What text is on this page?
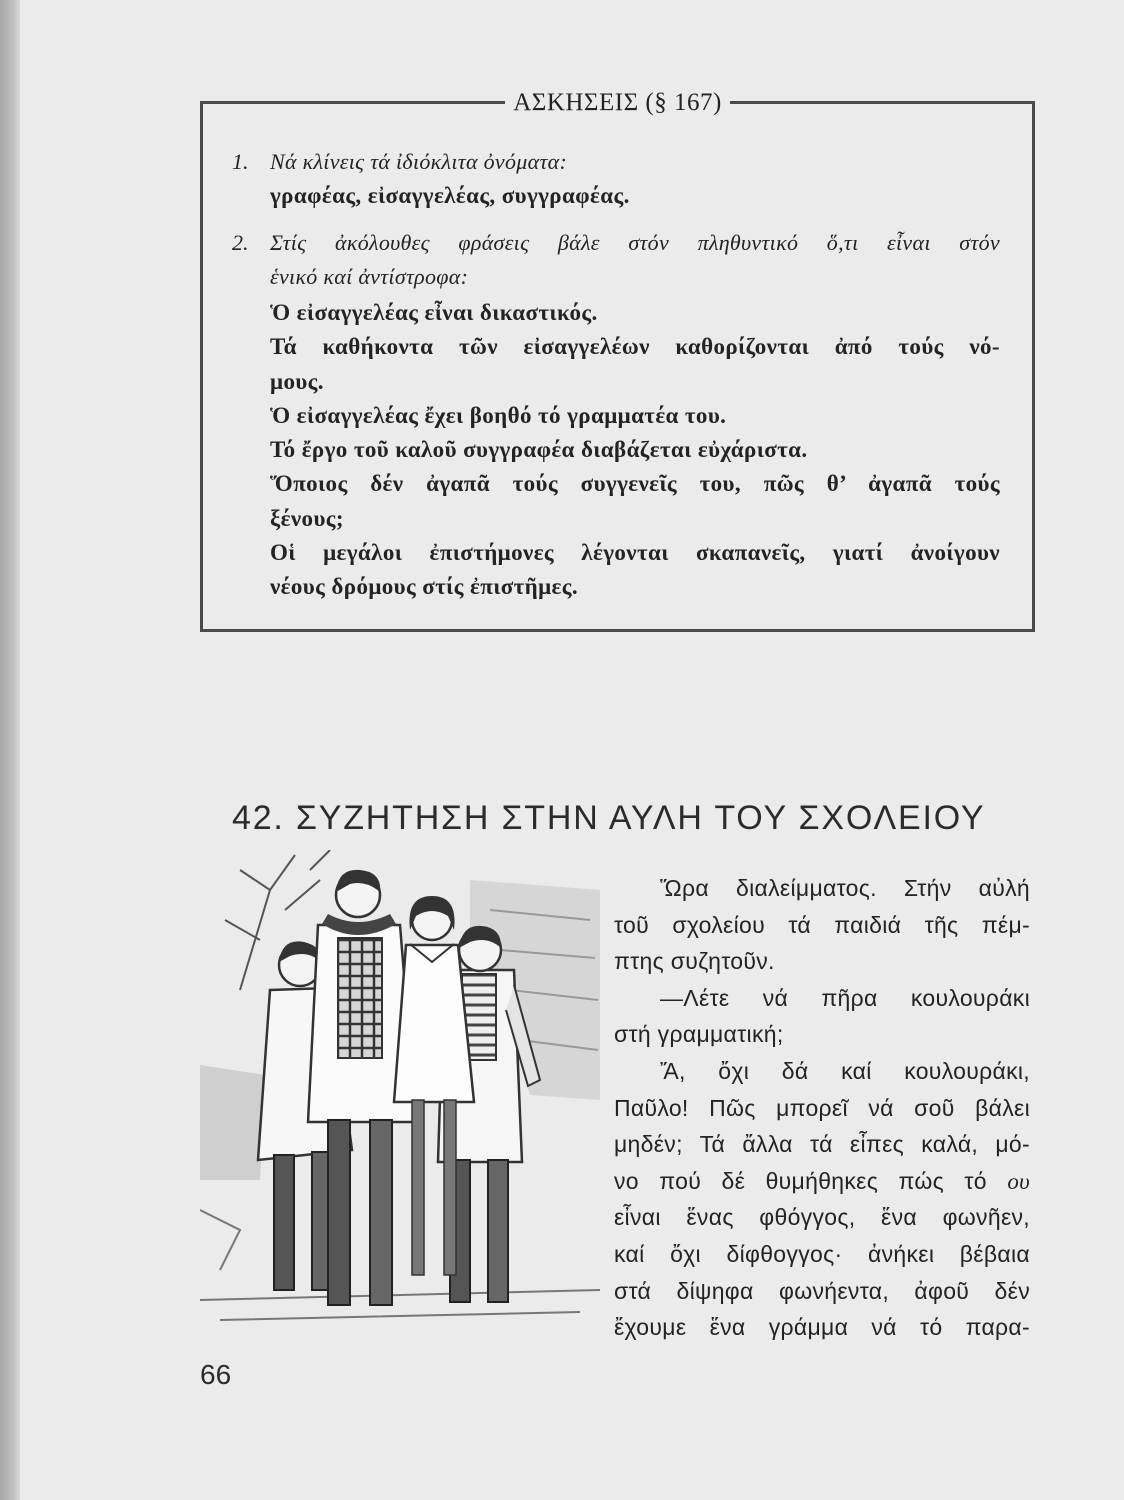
ΑΣΚΗΣΕΙΣ (§ 167)
1. Νά κλίνεις τά ἰδιόκλιτα ὀνόματα:
γραφέας, εἰσαγγελέας, συγγραφέας.
2. Στίς ἀκόλουθες φράσεις βάλε στόν πληθυντικό ὅ,τι εἶναι στόν
ἑνικό καί ἀντίστροφα:
Ὁ εἰσαγγελέας εἶναι δικαστικός.
Τά καθήκοντα τῶν εἰσαγγελέων καθορίζονται ἀπό τούς νό-
μους.
Ὁ εἰσαγγελέας ἔχει βοηθό τό γραμματέα του.
Τό ἔργο τοῦ καλοῦ συγγραφέα διαβάζεται εὐχάριστα.
Ὅποιος δέν ἀγαπᾶ τούς συγγενεῖς του, πῶς θ’ ἀγαπᾶ τούς
ξένους;
Οἱ μεγάλοι ἐπιστήμονες λέγονται σκαπανεῖς, γιατί ἀνοίγουν
νέους δρόμους στίς ἐπιστῆμες.
42. ΣΥΖΗΤΗΣΗ ΣΤΗΝ ΑΥΛΗ ΤΟΥ ΣΧΟΛΕΙΟΥ
Ὥρα διαλείμματος. Στήν αὐλή
τοῦ σχολείου τά παιδιά τῆς πέμ-
πτης συζητοῦν.
—Λέτε νά πῆρα κουλουράκι
στή γραμματική;
Ἄ, ὄχι δά καί κουλουράκι,
Παῦλο! Πῶς μπορεῖ νά σοῦ βάλει
μηδέν; Τά ἄλλα τά εἶπες καλά, μό-
νο πού δέ θυμήθηκες πώς τό ου
εἶναι ἕνας φθόγγος, ἕνα φωνῆεν,
καί ὄχι δίφθογγος· ἀνήκει βέβαια
στά δίψηφα φωνήεντα, ἀφοῦ δέν
ἔχουμε ἕνα γράμμα νά τό παρα-
66
